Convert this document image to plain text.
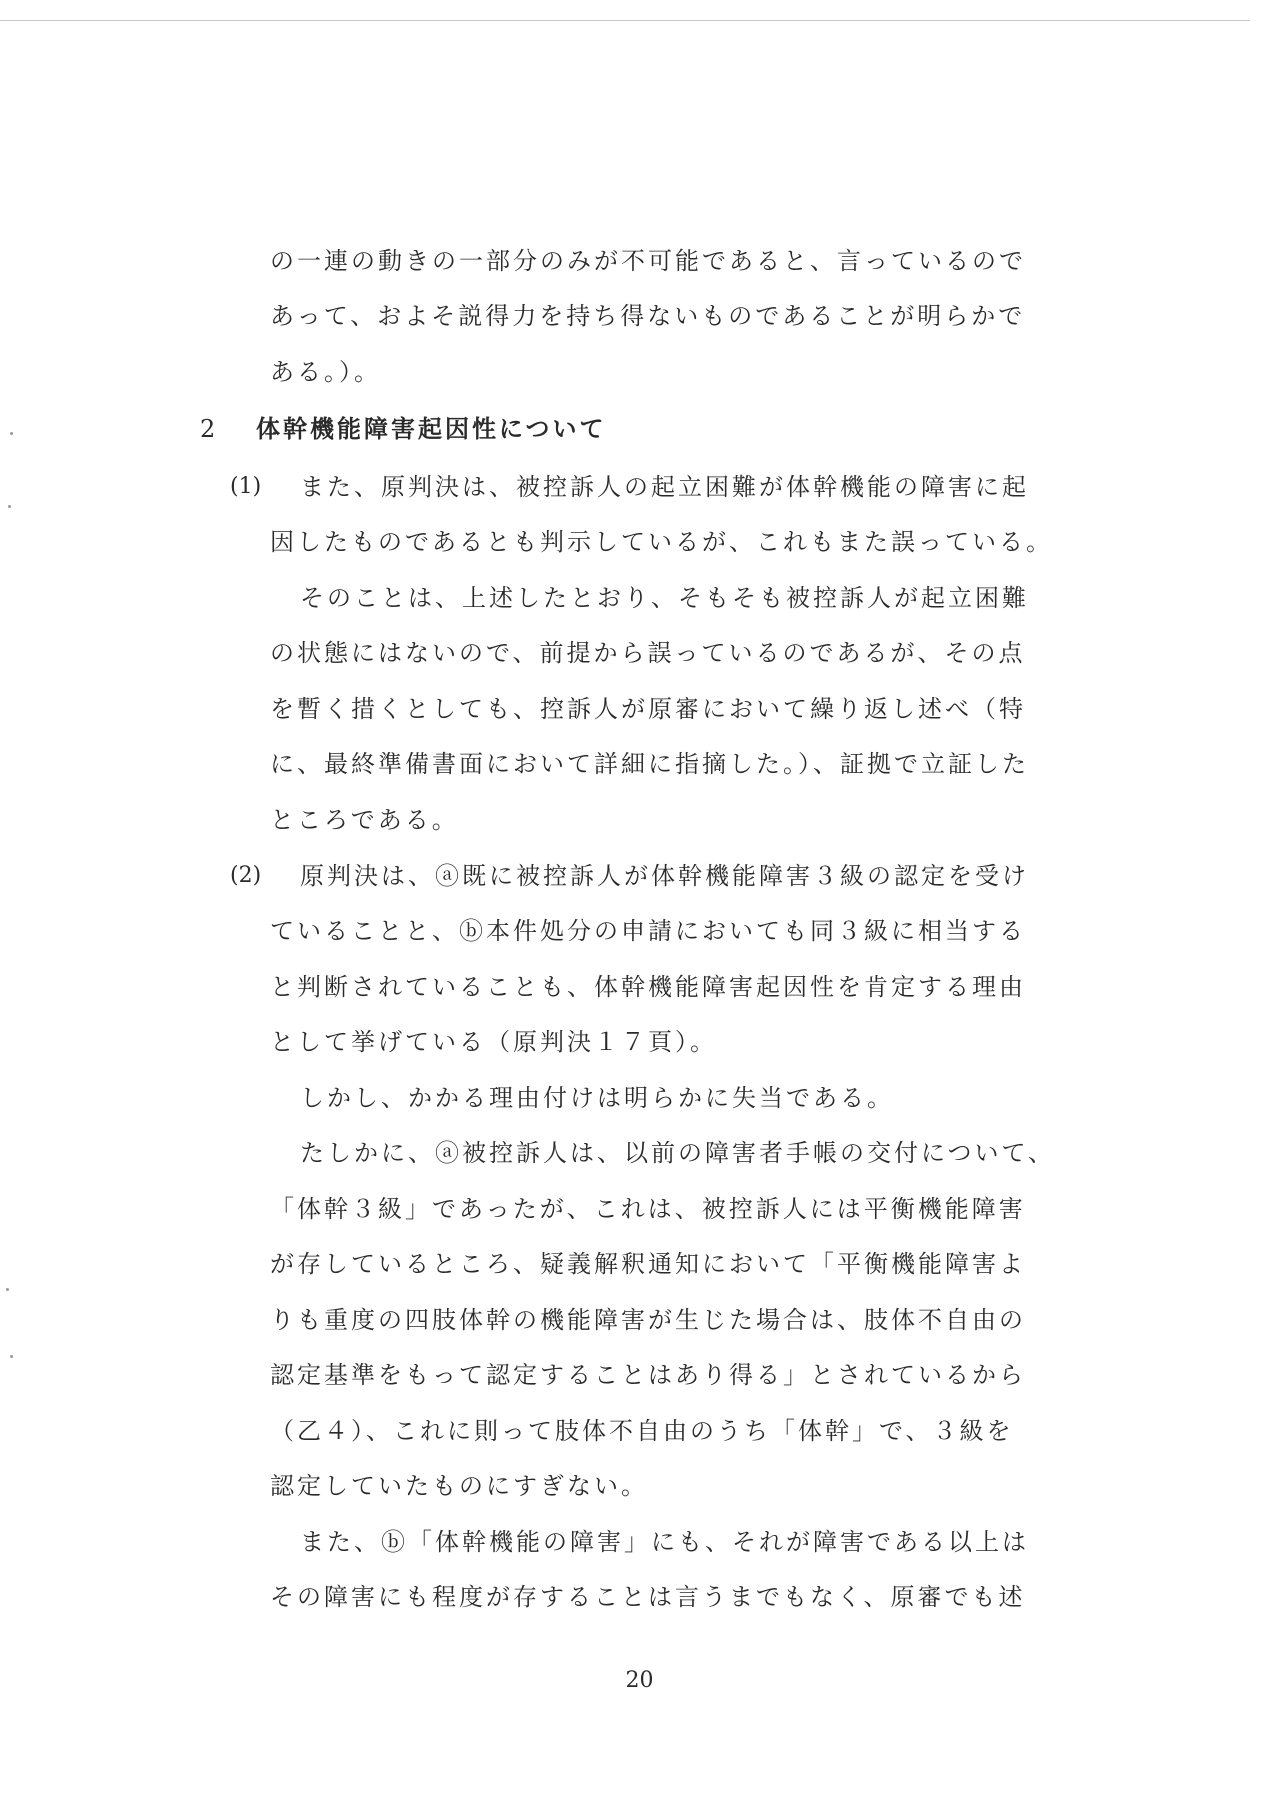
の一連の動きの一部分のみが不可能であると、言っているので
あって、およそ説得力を持ち得ないものであることが明らかで
ある。）。
2 体幹機能障害起因性について
(1) また、原判決は、被控訴人の起立困難が体幹機能の障害に起
因したものであるとも判示しているが、これもまた誤っている。
そのことは、上述したとおり、そもそも被控訴人が起立困難
の状態にはないので、前提から誤っているのであるが、その点
を暫く措くとしても、控訴人が原審において繰り返し述べ（特
に、最終準備書面において詳細に指摘した。）、証拠で立証した
ところである。
(2) 原判決は、ⓐ既に被控訴人が体幹機能障害３級の認定を受け
ていることと、ⓑ本件処分の申請においても同３級に相当する
と判断されていることも、体幹機能障害起因性を肯定する理由
として挙げている（原判決１７頁）。
しかし、かかる理由付けは明らかに失当である。
たしかに、ⓐ被控訴人は、以前の障害者手帳の交付について、
「体幹３級」であったが、これは、被控訴人には平衡機能障害
が存しているところ、疑義解釈通知において「平衡機能障害よ
りも重度の四肢体幹の機能障害が生じた場合は、肢体不自由の
認定基準をもって認定することはあり得る」とされているから
（乙４）、これに則って肢体不自由のうち「体幹」で、３級を
認定していたものにすぎない。
また、ⓑ「体幹機能の障害」にも、それが障害である以上は
その障害にも程度が存することは言うまでもなく、原審でも述
20
